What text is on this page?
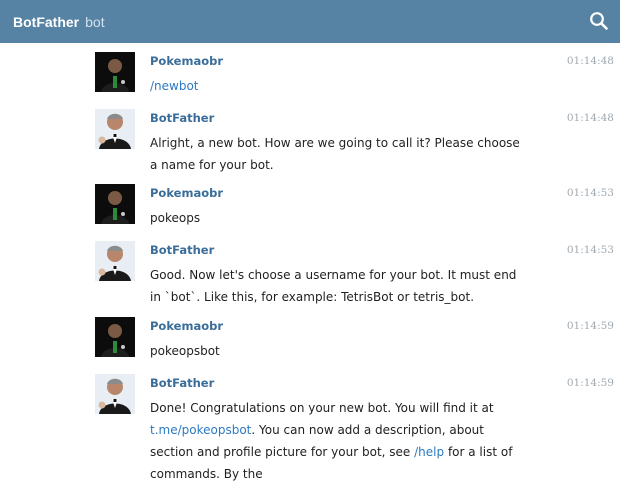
BotFather bot
Pokemaobr	01:14:48
/newbot
BotFather	01:14:48
Alright, a new bot. How are we going to call it? Please choose a name for your bot.
Pokemaobr	01:14:53
pokeops
BotFather	01:14:53
Good. Now let's choose a username for your bot. It must end in `bot`. Like this, for example: TetrisBot or tetris_bot.
Pokemaobr	01:14:59
pokeopsbot
BotFather	01:14:59
Done! Congratulations on your new bot. You will find it at t.me/pokeopsbot. You can now add a description, about section and profile picture for your bot, see /help for a list of commands. By the
